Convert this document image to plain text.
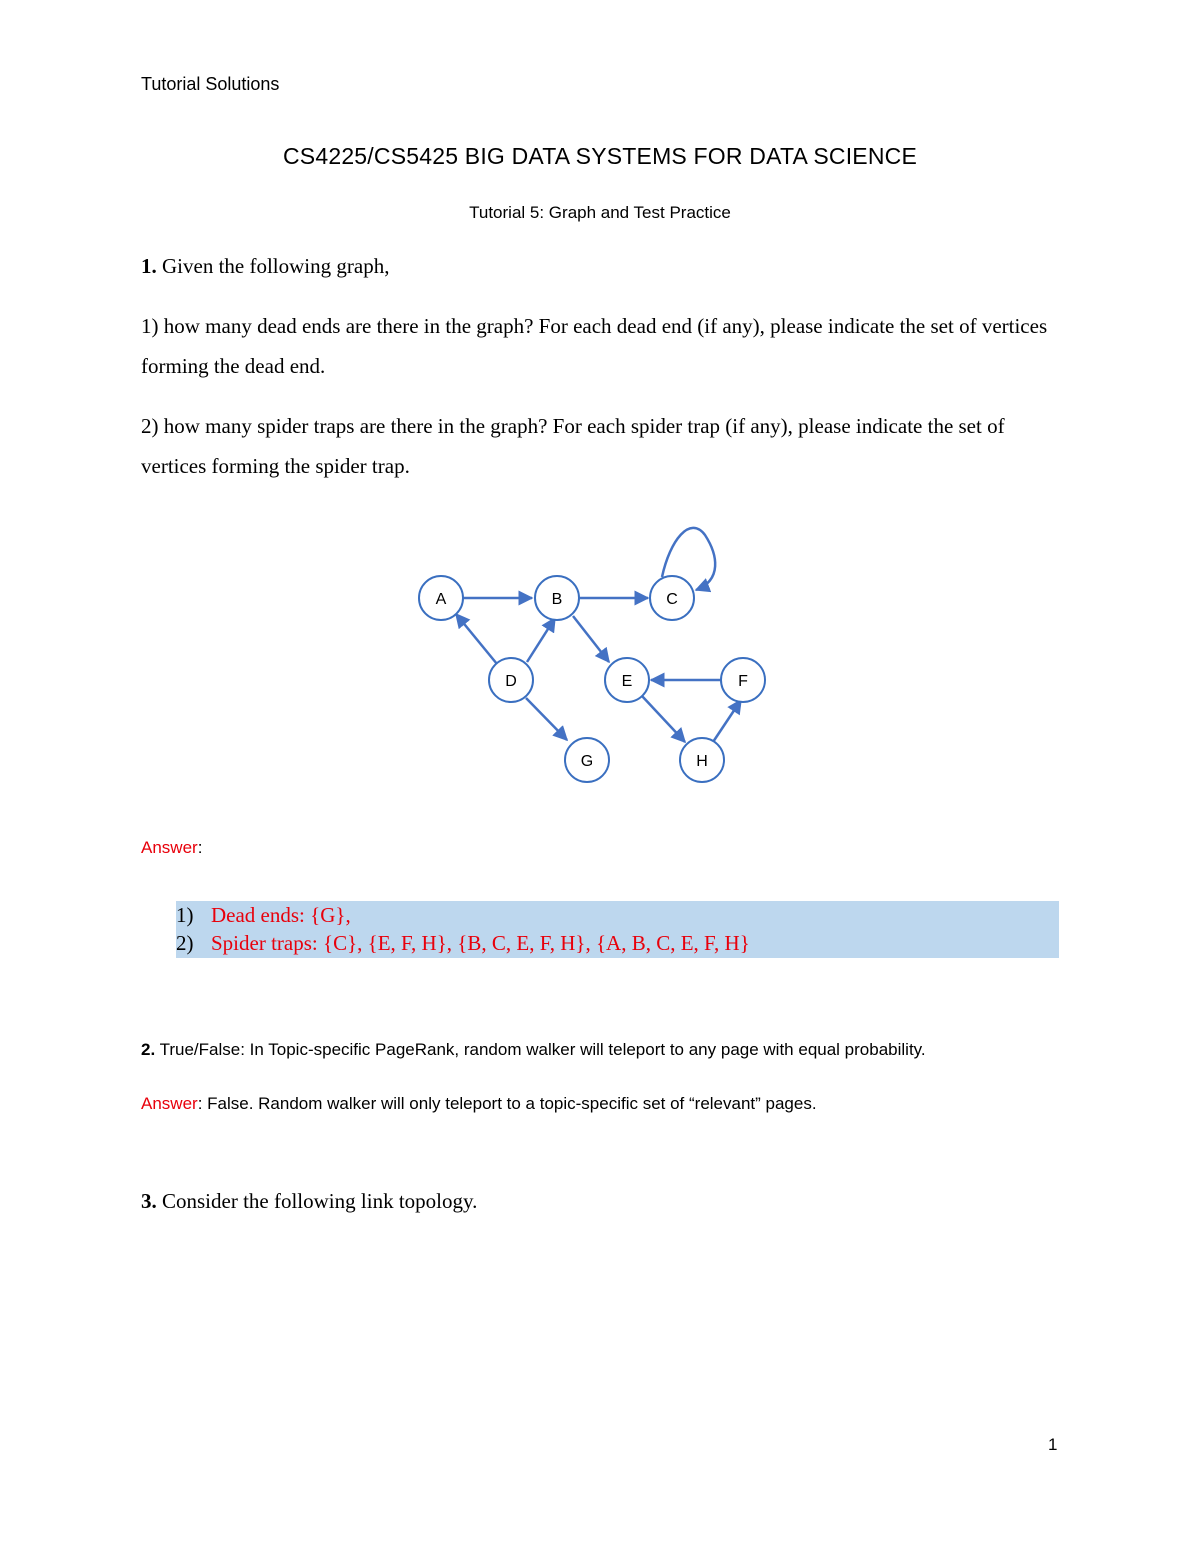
Tutorial Solutions
CS4225/CS5425 BIG DATA SYSTEMS FOR DATA SCIENCE
Tutorial 5: Graph and Test Practice
1. Given the following graph,
1) how many dead ends are there in the graph? For each dead end (if any), please indicate the set of vertices forming the dead end.
2) how many spider traps are there in the graph? For each spider trap (if any), please indicate the set of vertices forming the spider trap.
A	B	C
D	E	F
G	H
Answer:
1) Dead ends: {G},
2) Spider traps: {C}, {E, F, H}, {B, C, E, F, H}, {A, B, C, E, F, H}
2. True/False: In Topic-specific PageRank, random walker will teleport to any page with equal probability.
Answer: False. Random walker will only teleport to a topic-specific set of “relevant” pages.
3. Consider the following link topology.
1
